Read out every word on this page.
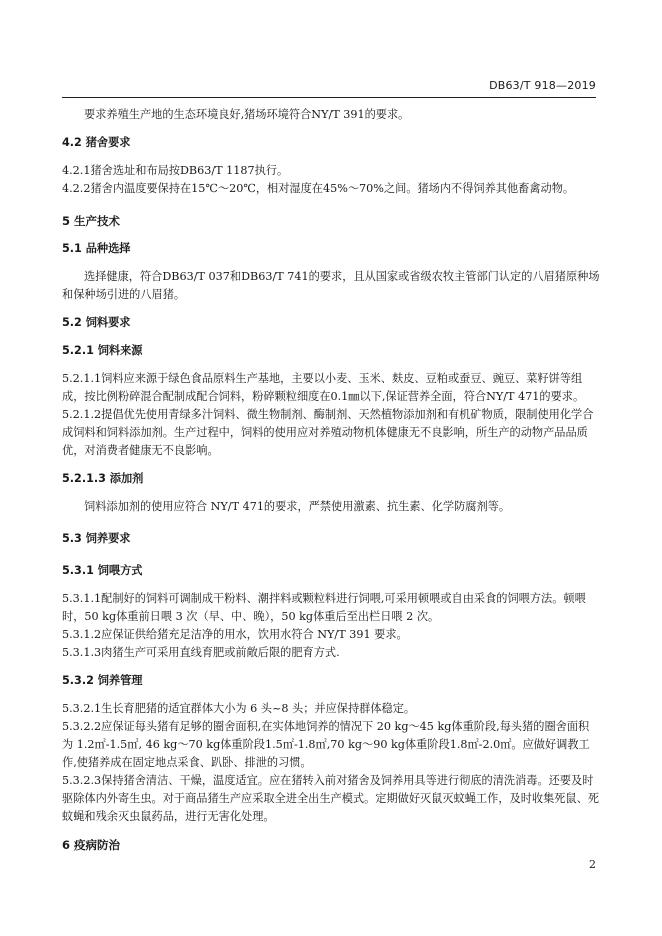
DB63/T 918—2019

要求养殖生产地的生态环境良好,猪场环境符合NY/T 391的要求。

4.2 猪舍要求

4.2.1猪舍选址和布局按DB63/T 1187执行。

4.2.2猪舍内温度要保持在15℃～20℃，相对湿度在45%～70%之间。猪场内不得饲养其他畜禽动物。

5 生产技术

5.1 品种选择

选择健康，符合DB63/T 037和DB63/T 741的要求，且从国家或省级农牧主管部门认定的八眉猪原种场和保种场引进的八眉猪。

5.2 饲料要求

5.2.1 饲料来源

5.2.1.1饲料应来源于绿色食品原料生产基地，主要以小麦、玉米、麸皮、豆粕或蚕豆、豌豆、菜籽饼等组成，按比例粉碎混合配制成配合饲料，粉碎颗粒细度在0.1㎜以下,保证营养全面，符合NY/T 471的要求。

5.2.1.2提倡优先使用青绿多汁饲料、微生物制剂、酶制剂、天然植物添加剂和有机矿物质，限制使用化学合成饲料和饲料添加剂。生产过程中，饲料的使用应对养殖动物机体健康无不良影响，所生产的动物产品品质优，对消费者健康无不良影响。

5.2.1.3 添加剂

饲料添加剂的使用应符合 NY/T 471的要求，严禁使用激素、抗生素、化学防腐剂等。

5.3 饲养要求

5.3.1 饲喂方式

5.3.1.1配制好的饲料可调制成干粉料、潮拌料或颗粒料进行饲喂,可采用顿喂或自由采食的饲喂方法。顿喂时，50 kg体重前日喂 3 次（早、中、晚），50 kg体重后至出栏日喂 2 次。

5.3.1.2应保证供给猪充足洁净的用水，饮用水符合 NY/T 391 要求。

5.3.1.3肉猪生产可采用直线育肥或前敞后限的肥育方式.

5.3.2 饲养管理

5.3.2.1生长育肥猪的适宜群体大小为 6 头~8 头；并应保持群体稳定。

5.3.2.2应保证每头猪有足够的圈舍面积,在实体地饲养的情况下 20 kg～45 kg体重阶段,每头猪的圈舍面积为 1.2㎡-1.5㎡, 46 kg～70 kg体重阶段1.5㎡-1.8㎡,70 kg～90 kg体重阶段1.8㎡-2.0㎡。应做好调教工作,使猪养成在固定地点采食、趴卧、排泄的习惯。

5.3.2.3保持猪舍清洁、干燥，温度适宜。应在猪转入前对猪舍及饲养用具等进行彻底的清洗消毒。还要及时驱除体内外寄生虫。对于商品猪生产应采取全进全出生产模式。定期做好灭鼠灭蚊蝇工作，及时收集死鼠、死蚊蝇和残余灭虫鼠药品，进行无害化处理。

6 疫病防治

2
